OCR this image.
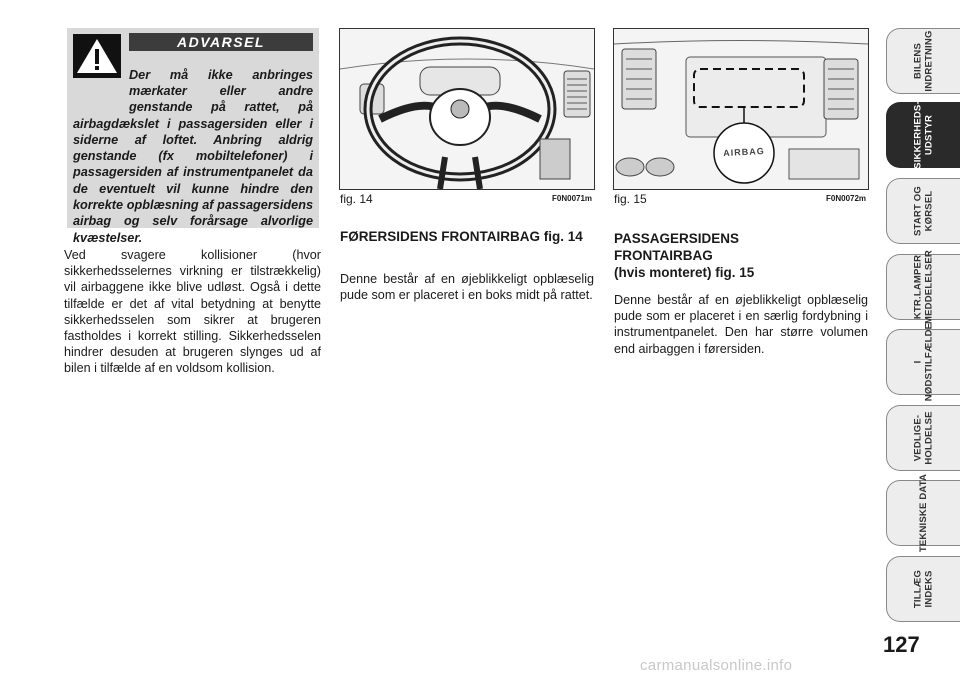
ADVARSEL

Der må ikke anbringes mærkater eller andre genstande på rattet, på airbagdækslet i passagersiden eller i siderne af loftet. Anbring aldrig genstande (fx mobiltelefoner) i passagersiden af instrumentpanelet da de eventuelt vil kunne hindre den korrekte opblæsning af passagersidens airbag og selv forårsage alvorlige kvæstelser.

Ved svagere kollisioner (hvor sikkerhedsselernes virkning er tilstrækkelig) vil airbaggene ikke blive udløst. Også i dette tilfælde er det af vital betydning at benytte sikkerhedsselen som sikrer at brugeren fastholdes i korrekt stilling. Sikkerhedsselen hindrer desuden at brugeren slynges ud af bilen i tilfælde af en voldsom kollision.

fig. 14	F0N0071m
AIRBAG
fig. 15	F0N0072m
FØRERSIDENS FRONTAIRBAG fig. 14

Denne består af en øjeblikkeligt opblæselig pude som er placeret i en boks midt på rattet.

PASSAGERSIDENS
FRONTAIRBAG
(hvis monteret) fig. 15

Denne består af en øjeblikkeligt opblæselig pude som er placeret i en særlig fordybning i instrumentpanelet. Den har større volumen end airbaggen i førersiden.

BILENS
INDRETNING
SIKKERHEDS-
UDSTYR
START OG
KØRSEL
KTR.LAMPER
MEDDELELSER
I
NØDSTILFÆLDE
VEDLIGE-
HOLDELSE
TEKNISKE DATA
TILLÆG
INDEKS
127
carmanualsonline.info
